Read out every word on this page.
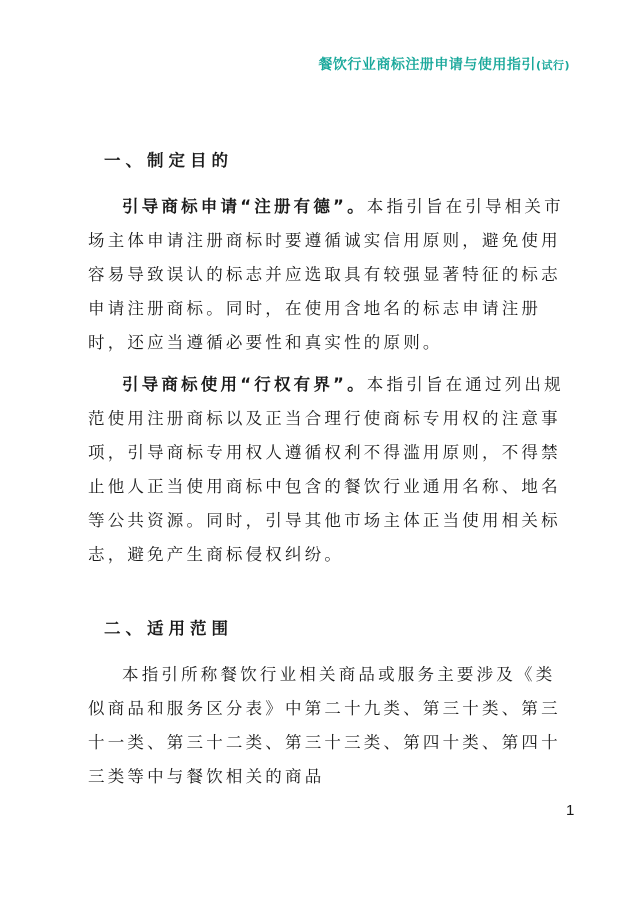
餐饮行业商标注册申请与使用指引(试行)
一、制定目的

引导商标申请“注册有德”。本指引旨在引导相关市场主体申请注册商标时要遵循诚实信用原则，避免使用容易导致误认的标志并应选取具有较强显著特征的标志申请注册商标。同时，在使用含地名的标志申请注册时，还应当遵循必要性和真实性的原则。

引导商标使用“行权有界”。本指引旨在通过列出规范使用注册商标以及正当合理行使商标专用权的注意事项，引导商标专用权人遵循权利不得滥用原则，不得禁止他人正当使用商标中包含的餐饮行业通用名称、地名等公共资源。同时，引导其他市场主体正当使用相关标志，避免产生商标侵权纠纷。

二、适用范围

本指引所称餐饮行业相关商品或服务主要涉及《类似商品和服务区分表》中第二十九类、第三十类、第三十一类、第三十二类、第三十三类、第四十类、第四十三类等中与餐饮相关的商品

1
